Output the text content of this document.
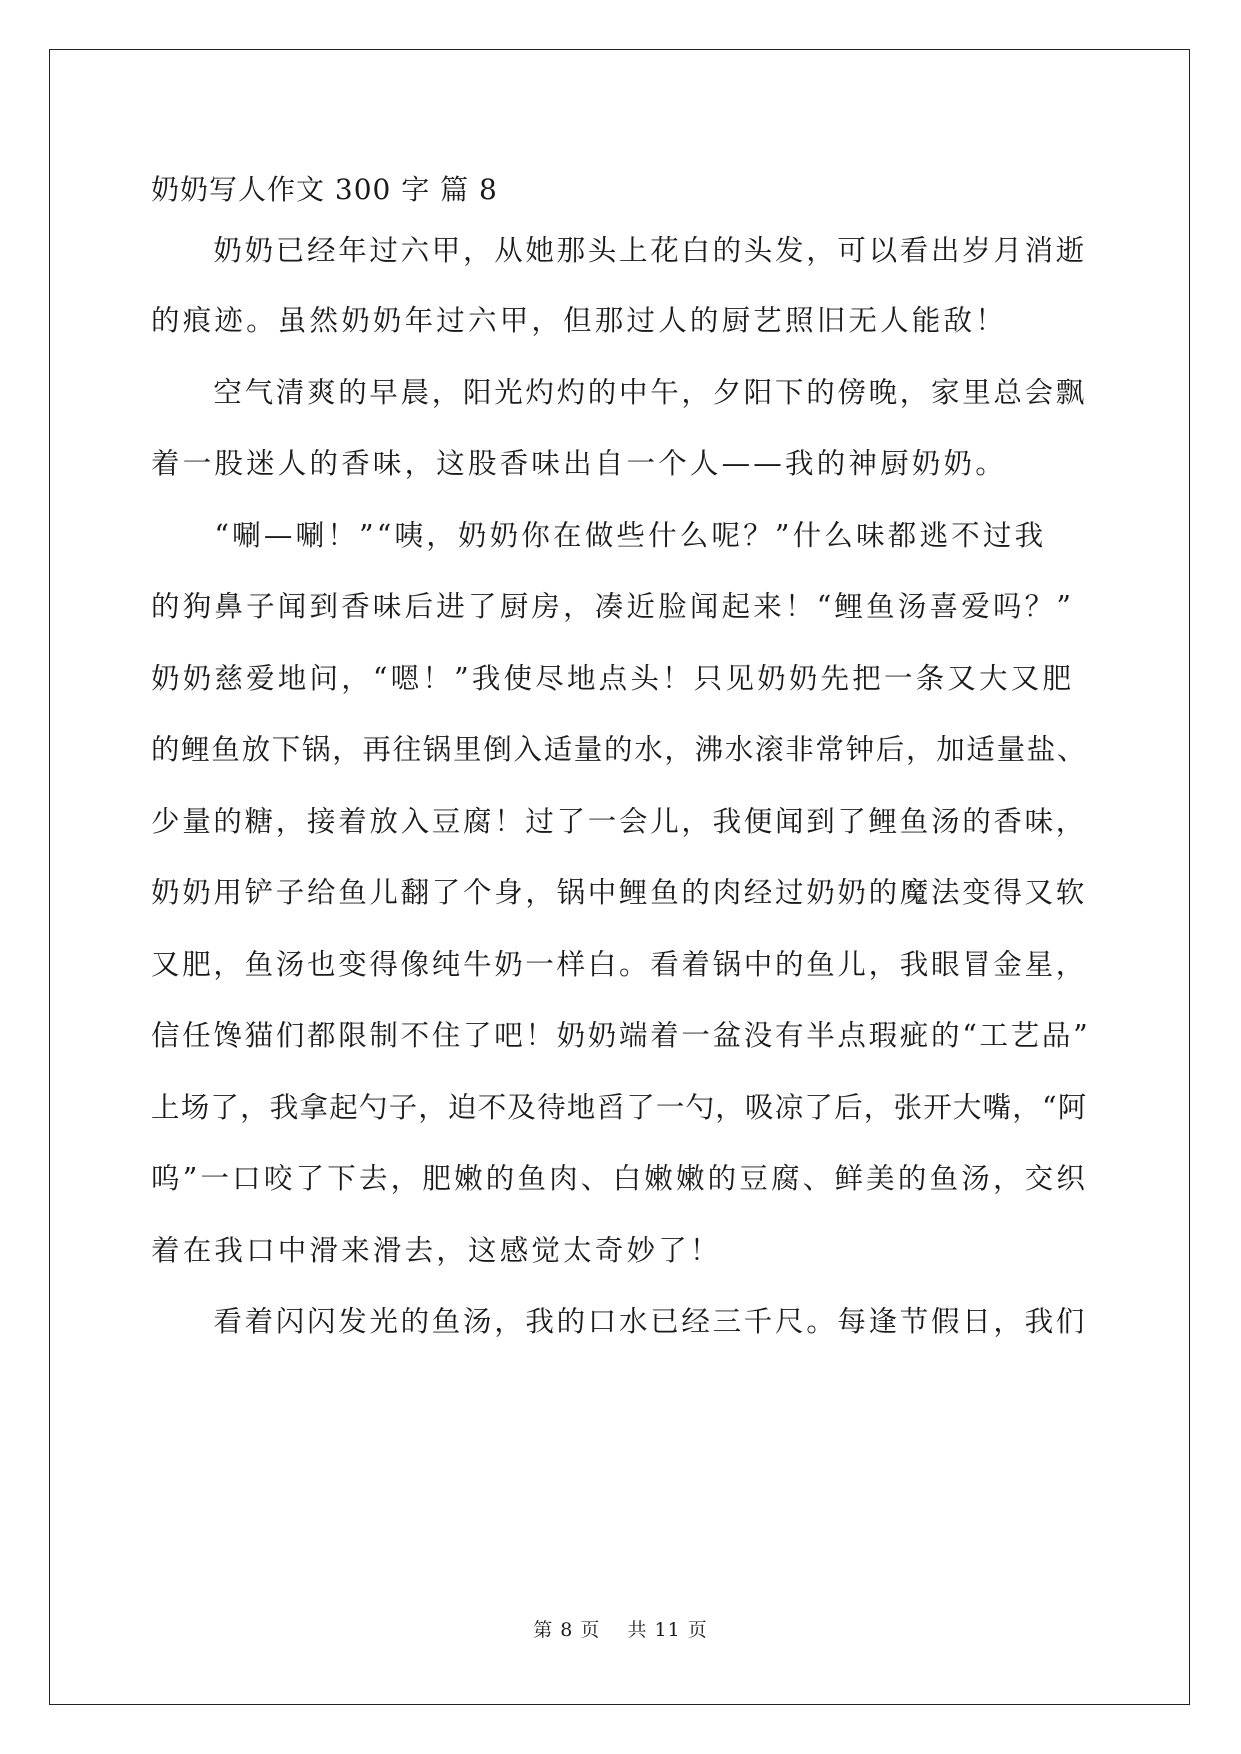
奶奶写人作文 300 字 篇 8
　　奶奶已经年过六甲，从她那头上花白的头发，可以看出岁月消逝
的痕迹。虽然奶奶年过六甲，但那过人的厨艺照旧无人能敌！
　　空气清爽的早晨，阳光灼灼的中午，夕阳下的傍晚，家里总会飘
着一股迷人的香味，这股香味出自一个人——我的神厨奶奶。
　　“唰—唰！”“咦，奶奶你在做些什么呢？”什么味都逃不过我
的狗鼻子闻到香味后进了厨房，凑近脸闻起来！“鲤鱼汤喜爱吗？”
奶奶慈爱地问，“嗯！”我使尽地点头！只见奶奶先把一条又大又肥
的鲤鱼放下锅，再往锅里倒入适量的水，沸水滚非常钟后，加适量盐、
少量的糖，接着放入豆腐！过了一会儿，我便闻到了鲤鱼汤的香味，
奶奶用铲子给鱼儿翻了个身，锅中鲤鱼的肉经过奶奶的魔法变得又软
又肥，鱼汤也变得像纯牛奶一样白。看着锅中的鱼儿，我眼冒金星，
信任馋猫们都限制不住了吧！奶奶端着一盆没有半点瑕疵的“工艺品”
上场了，我拿起勺子，迫不及待地舀了一勺，吸凉了后，张开大嘴，“阿
呜”一口咬了下去，肥嫩的鱼肉、白嫩嫩的豆腐、鲜美的鱼汤，交织
着在我口中滑来滑去，这感觉太奇妙了！
　　看着闪闪发光的鱼汤，我的口水已经三千尺。每逢节假日，我们
第 8 页　 共 11 页
